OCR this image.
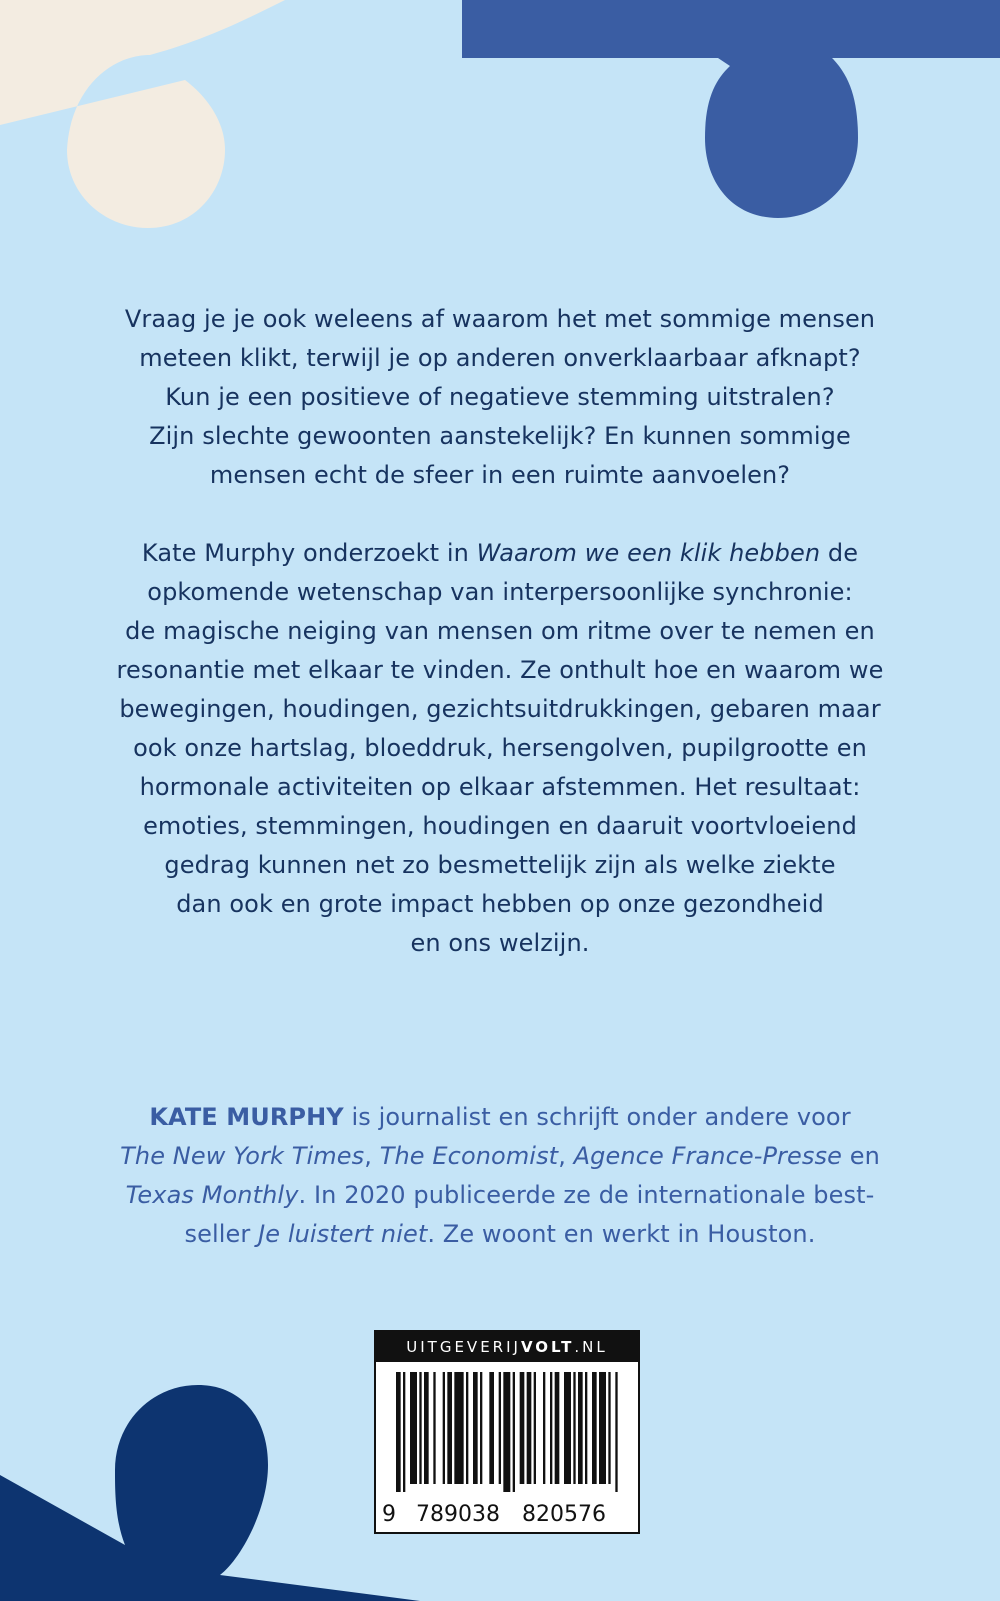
Vraag je je ook weleens af waarom het met sommige mensen
meteen klikt, terwijl je op anderen onverklaarbaar afknapt?
Kun je een positieve of negatieve stemming uitstralen?
Zijn slechte gewoonten aanstekelijk? En kunnen sommige
mensen echt de sfeer in een ruimte aanvoelen?
Kate Murphy onderzoekt in Waarom we een klik hebben de
opkomende wetenschap van interpersoonlijke synchronie:
de magische neiging van mensen om ritme over te nemen en
resonantie met elkaar te vinden. Ze onthult hoe en waarom we
bewegingen, houdingen, gezichtsuitdrukkingen, gebaren maar
ook onze hartslag, bloeddruk, hersengolven, pupilgrootte en
hormonale activiteiten op elkaar afstemmen. Het resultaat:
emoties, stemmingen, houdingen en daaruit voortvloeiend
gedrag kunnen net zo besmettelijk zijn als welke ziekte
dan ook en grote impact hebben op onze gezondheid
en ons welzijn.
KATE MURPHY is journalist en schrijft onder andere voor
The New York Times, The Economist, Agence France-Presse en
Texas Monthly. In 2020 publiceerde ze de internationale best-
seller Je luistert niet. Ze woont en werkt in Houston.
UITGEVERIJVOLT.NL
9 789038	820576
